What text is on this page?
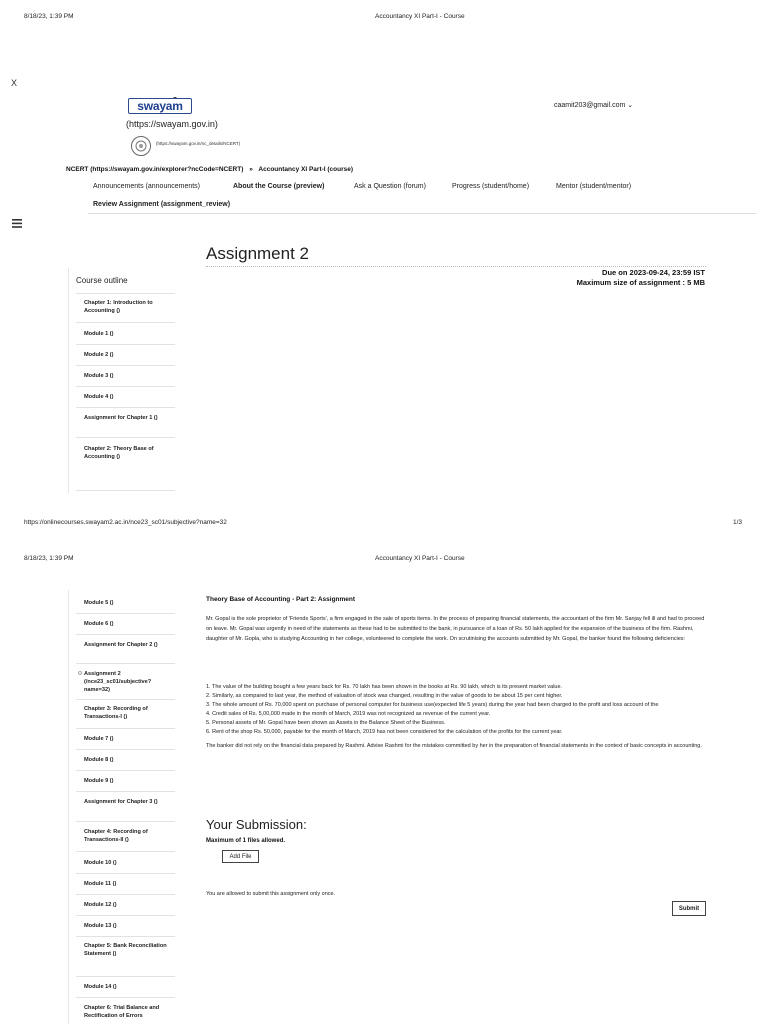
8/18/23, 1:39 PM	Accountancy XI Part-I - Course
X
swayam
(https://swayam.gov.in)
(https://swayam.gov.in/nc_details/NCERT)
caamit203@gmail.com ⌄
NCERT (https://swayam.gov.in/explorer?ncCode=NCERT) » Accountancy XI Part-I (course)
Announcements (announcements)	About the Course (preview)	Ask a Question (forum)	Progress (student/home)	Mentor (student/mentor)
Review Assignment (assignment_review)
Assignment 2
Due on 2023-09-24, 23:59 IST
Maximum size of assignment : 5 MB
Course outline
Chapter 1: Introduction to Accounting ()
Module 1 ()
Module 2 ()
Module 3 ()
Module 4 ()
Assignment for Chapter 1 ()
Chapter 2: Theory Base of Accounting ()
https://onlinecourses.swayam2.ac.in/nce23_sc01/subjective?name=32	1/3
8/18/23, 1:39 PM	Accountancy XI Part-I - Course
Module 5 ()
Module 6 ()
Assignment for Chapter 2 ()
Assignment 2 (/nce23_sc01/subjective?name=32)
Chapter 3: Recording of Transactions-I ()
Module 7 ()
Module 8 ()
Module 9 ()
Assignment for Chapter 3 ()
Chapter 4: Recording of Transactions-II ()
Module 10 ()
Module 11 ()
Module 12 ()
Module 13 ()
Chapter 5: Bank Reconciliation Statement ()
Module 14 ()
Chapter 6: Trial Balance and Rectification of Errors
Theory Base of Accounting - Part 2: Assignment
Mr. Gopal is the sole proprietor of 'Friends Sports', a firm engaged in the sale of sports items. In the process of preparing financial statements, the accountant of the firm Mr. Sanjay fell ill and had to proceed on leave. Mr. Gopal was urgently in need of the statements as these had to be submitted to the bank, in pursuance of a loan of Rs. 50 lakh applied for the expansion of the business of the firm. Rashmi, daughter of Mr. Gopla, who is studying Accounting in her college, volunteered to complete the work. On scrutinising the accounts submitted by Mr. Gopal, the banker found the following deficiencies:
1. The value of the building bought a few years back for Rs. 70 lakh has been shown in the books at Rs. 90 lakh, which is its present market value.
2. Similarly, as compared to last year, the method of valuation of stock was changed, resulting in the value of goods to be about 15 per cent higher.
3. The whole amount of Rs. 70,000 spent on purchase of personal computer for business use(expected life 5 years) during the year had been charged to the profit and loss account of the
4. Credit sales of Rs. 5,00,000 made in the month of March, 2019 was not recognized as revenue of the current year.
5. Personal assets of Mr. Gopal have been shown as Assets in the Balance Sheet of the Business.
6. Rent of the shop Rs. 50,000, payable for the month of March, 2019 has not been considered for the calculation of the profits for the current year.
The banker did not rely on the financial data prepared by Rashmi. Advise Rashmi for the mistakes committed by her in the preparation of financial statements in the context of basic concepts in accounting.
Your Submission:
Maximum of 1 files allowed.
Add File
You are allowed to submit this assignment only once.
Submit
